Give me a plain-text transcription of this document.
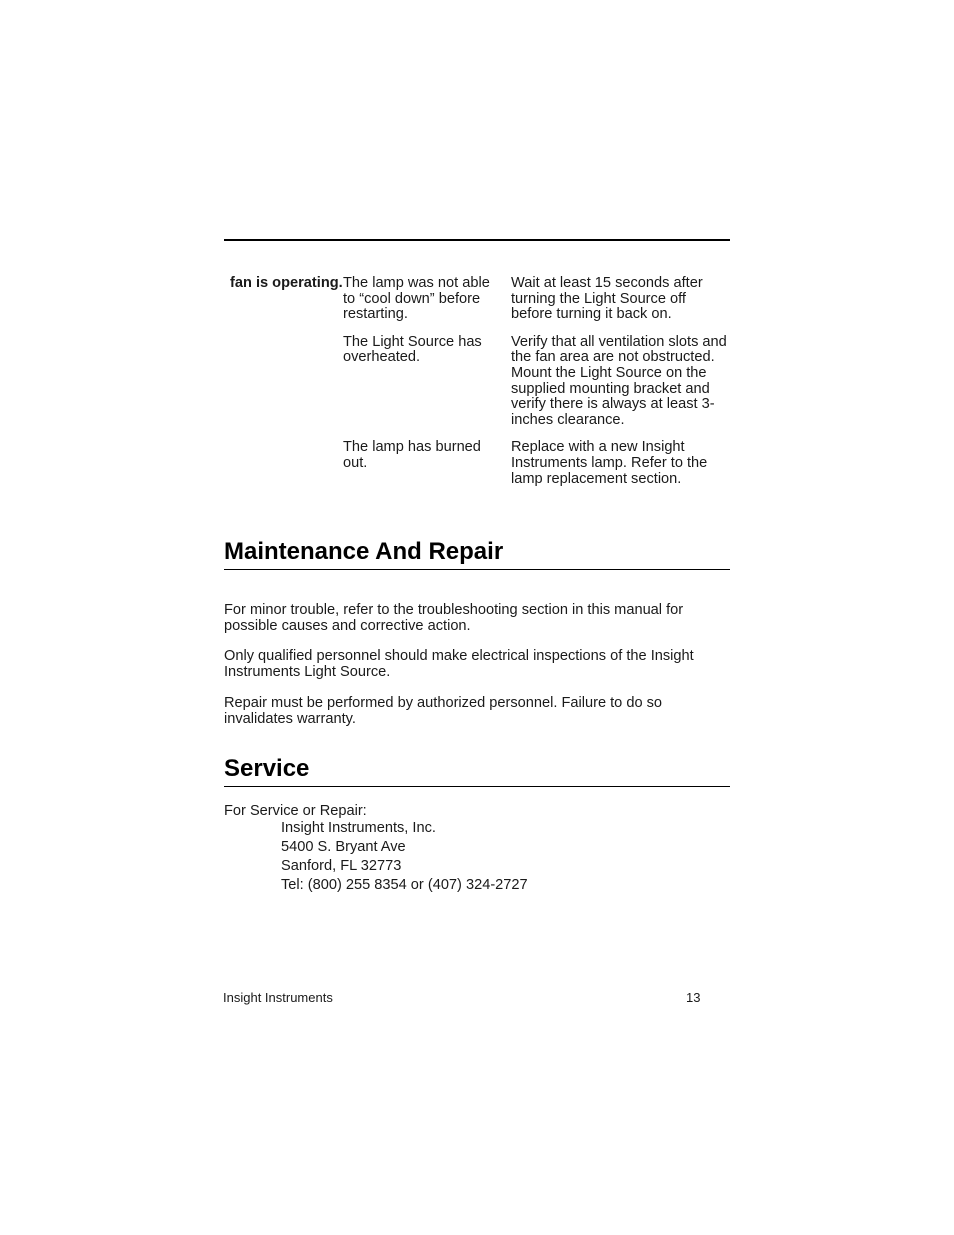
fan is operating. The lamp was not able to “cool down” before restarting.
Wait at least 15 seconds after turning the Light Source off before turning it back on.

The Light Source has overheated.
Verify that all ventilation slots and the fan area are not obstructed. Mount the Light Source on the supplied mounting bracket and verify there is always at least 3-inches clearance.

The lamp has burned out.
Replace with a new Insight Instruments lamp. Refer to the lamp replacement section.
Maintenance And Repair

For minor trouble, refer to the troubleshooting section in this manual for possible causes and corrective action.

Only qualified personnel should make electrical inspections of the Insight Instruments Light Source.

Repair must be performed by authorized personnel. Failure to do so invalidates warranty.

Service
For Service or Repair:
Insight Instruments, Inc.
5400 S. Bryant Ave
Sanford, FL 32773
Tel: (800) 255 8354 or (407) 324-2727
Insight Instruments	13
